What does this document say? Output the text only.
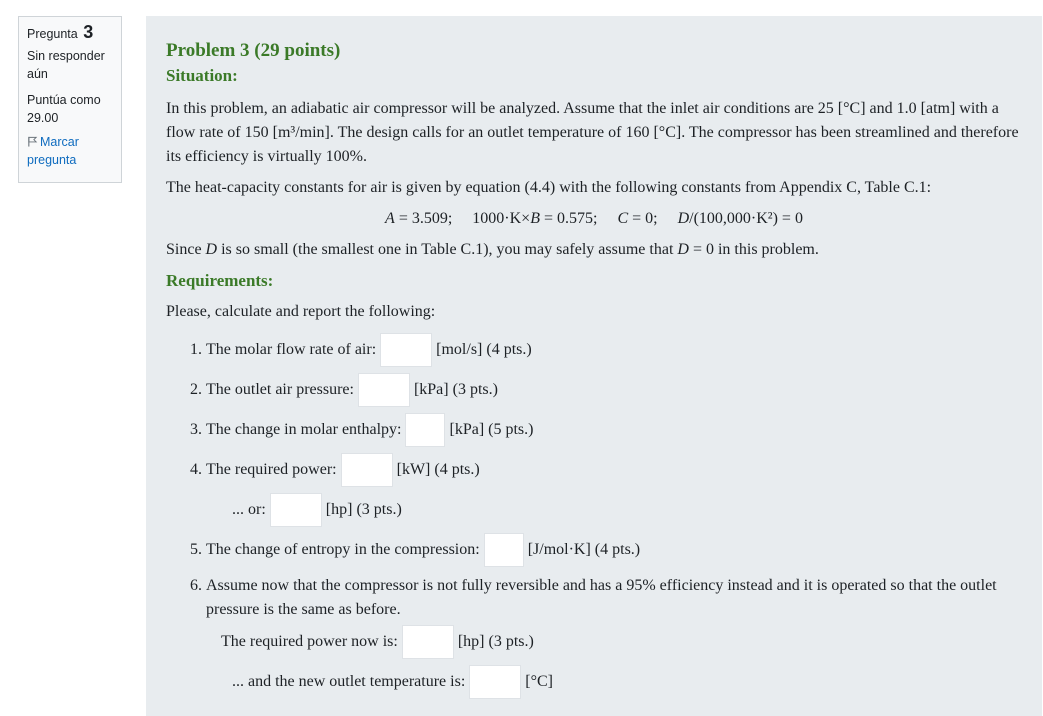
Pregunta 3
Sin responder aún
Puntúa como
29.00
Marcar pregunta
Problem 3 (29 points)
Situation:

In this problem, an adiabatic air compressor will be analyzed. Assume that the inlet air conditions are 25 [°C] and 1.0 [atm] with a flow rate of 150 [m³/min]. The design calls for an outlet temperature of 160 [°C]. The compressor has been streamlined and therefore its efficiency is virtually 100%.

The heat-capacity constants for air is given by equation (4.4) with the following constants from Appendix C, Table C.1:

A = 3.509; 1000·K×B = 0.575; C = 0; D/(100,000·K²) = 0

Since D is so small (the smallest one in Table C.1), you may safely assume that D = 0 in this problem.

Requirements:

Please, calculate and report the following:

1. The molar flow rate of air:	[mol/s] (4 pts.)
2. The outlet air pressure:	[kPa] (3 pts.)
3. The change in molar enthalpy:	[kPa] (5 pts.)
4. The required power:	[kW] (4 pts.)
... or:	[hp] (3 pts.)
5. The change of entropy in the compression:	[J/mol·K] (4 pts.)
6. Assume now that the compressor is not fully reversible and has a 95% efficiency instead and it is operated so that the outlet pressure is the same as before.
The required power now is:	[hp] (3 pts.)
... and the new outlet temperature is:	[°C]
